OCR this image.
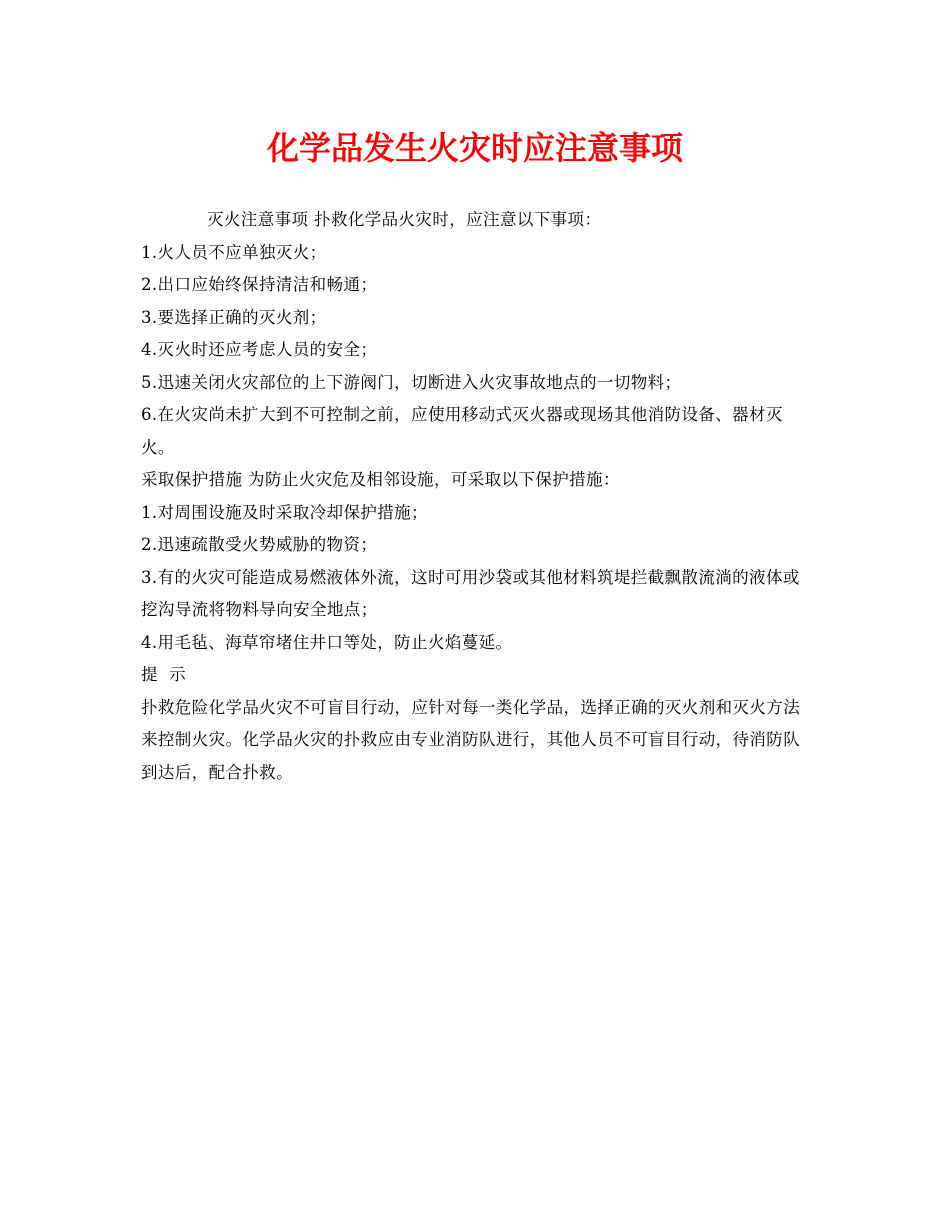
化学品发生火灾时应注意事项

灭火注意事项 扑救化学品火灾时，应注意以下事项：

1.火人员不应单独灭火；

2.出口应始终保持清洁和畅通；

3.要选择正确的灭火剂；

4.灭火时还应考虑人员的安全；

5.迅速关闭火灾部位的上下游阀门，切断进入火灾事故地点的一切物料；

6.在火灾尚未扩大到不可控制之前，应使用移动式灭火器或现场其他消防设备、器材灭火。

采取保护措施 为防止火灾危及相邻设施，可采取以下保护措施：

1.对周围设施及时采取冷却保护措施；

2.迅速疏散受火势威胁的物资；

3.有的火灾可能造成易燃液体外流，这时可用沙袋或其他材料筑堤拦截飘散流淌的液体或挖沟导流将物料导向安全地点；

4.用毛毡、海草帘堵住井口等处，防止火焰蔓延。

提  示

扑救危险化学品火灾不可盲目行动，应针对每一类化学品，选择正确的灭火剂和灭火方法来控制火灾。化学品火灾的扑救应由专业消防队进行，其他人员不可盲目行动，待消防队到达后，配合扑救。
